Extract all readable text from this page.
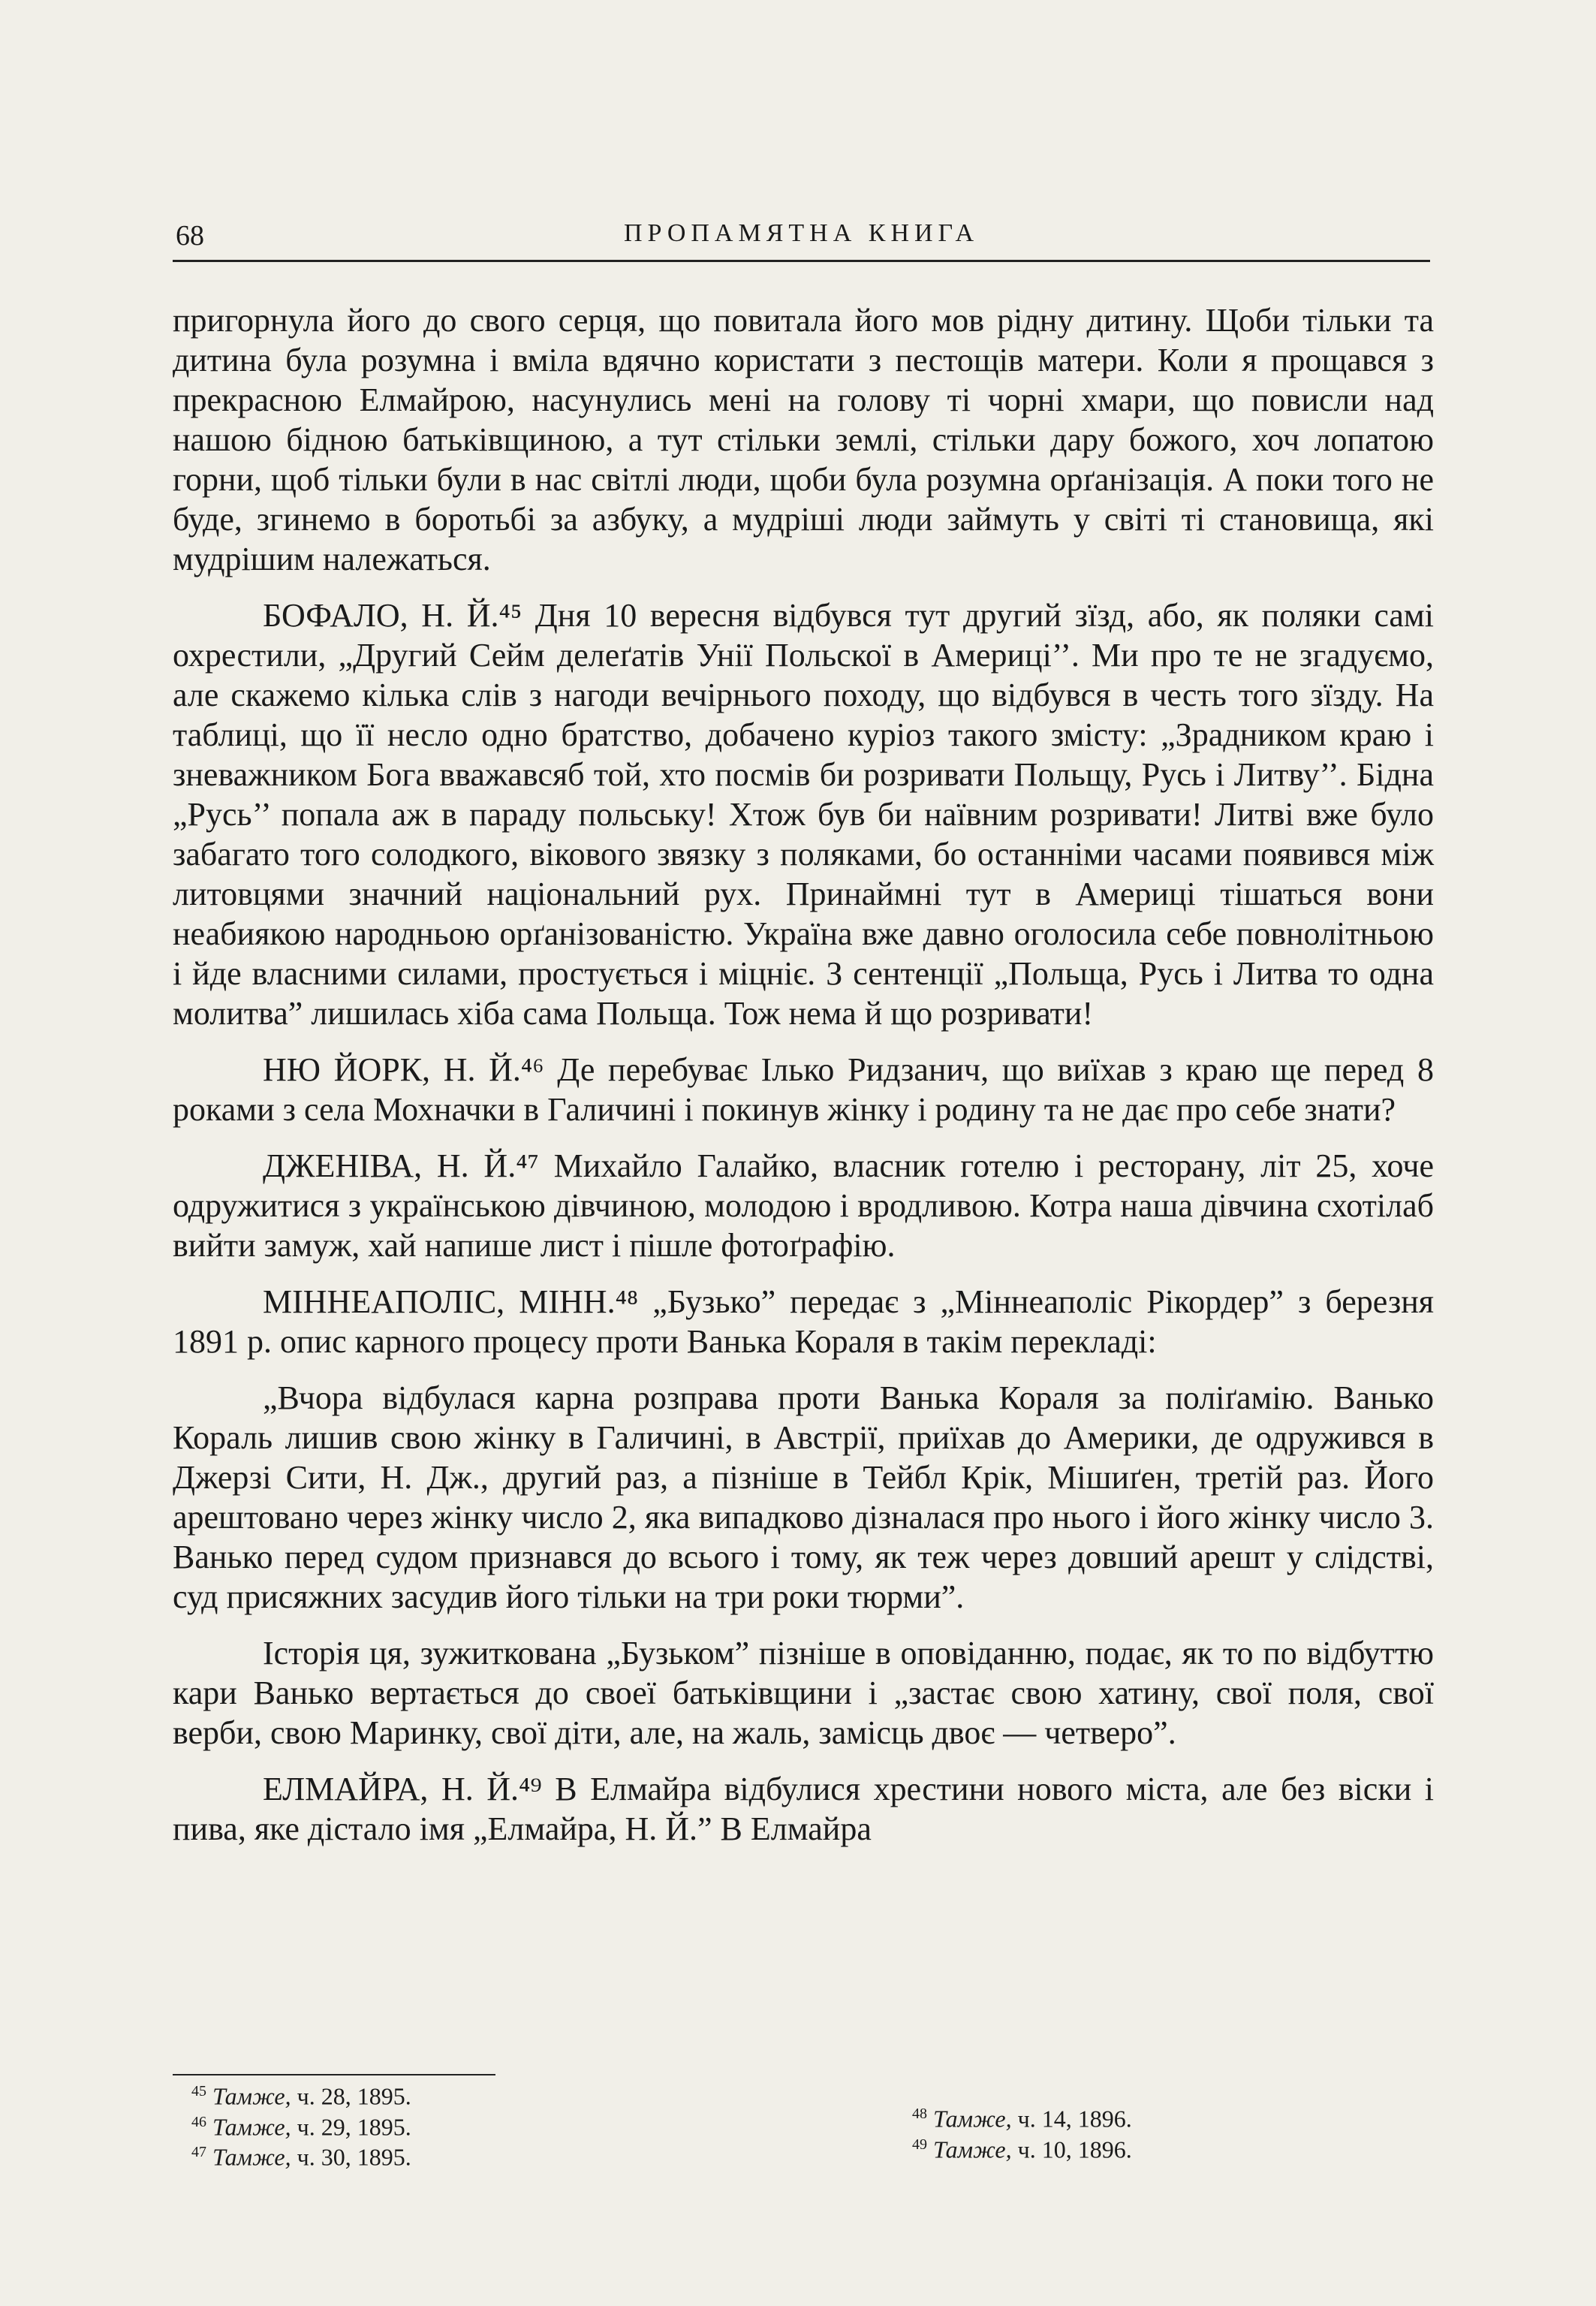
68	ПРОПАМЯТНА КНИГА

пригорнула його до свого серця, що повитала його мов рідну дитину. Щоби тільки та дитина була розумна і вміла вдячно користати з пестощів матери. Коли я прощався з прекрасною Елмайрою, насунулись мені на голову ті чорні хмари, що повисли над нашою бідною батьківщиною, а тут стільки землі, стільки дару божого, хоч лопатою горни, щоб тільки були в нас світлі люди, щоби була розумна орґанізація. А поки того не буде, згинемо в боротьбі за азбуку, а мудріші люди займуть у світі ті становища, які мудрішим належаться.

БОФАЛО, Н. Й.⁴⁵ Дня 10 вересня відбувся тут другий зїзд, або, як поляки самі охрестили, „Другий Сейм делеґатів Унії Польскої в Америці’’. Ми про те не згадуємо, але скажемо кілька слів з нагоди вечірнього походу, що відбувся в честь того зїзду. На таблиці, що її несло одно братство, добачено куріоз такого змісту: „Зрадником краю і зневажником Бога вважавсяб той, хто посмів би розривати Польщу, Русь і Литву’’. Бідна „Русь’’ попала аж в параду польську! Хтож був би наївним розривати! Литві вже було забагато того солодкого, вікового звязку з поляками, бо останніми часами появився між литовцями значний національний рух. Принаймні тут в Америці тішаться вони неабиякою народньою орґанізованістю. Україна вже давно оголосила себе повнолітньою і йде власними силами, простується і міцніє. З сентенції „Польща, Русь і Литва то одна молитва” лишилась хіба сама Польща. Тож нема й що розривати!

НЮ ЙОРК, Н. Й.⁴⁶ Де перебуває Ілько Ридзанич, що виїхав з краю ще перед 8 роками з села Мохначки в Галичині і покинув жінку і родину та не дає про себе знати?

ДЖЕНІВА, Н. Й.⁴⁷ Михайло Галайко, власник готелю і ресторану, літ 25, хоче одружитися з українською дівчиною, молодою і вродливою. Котра наша дівчина схотілаб вийти замуж, хай напише лист і пішле фотоґрафію.

МІННЕАПОЛІС, МІНН.⁴⁸ „Бузько” передає з „Міннеаполіс Рікордер” з березня 1891 р. опис карного процесу проти Ванька Кораля в такім перекладі:

„Вчора відбулася карна розправа проти Ванька Кораля за поліґамію. Ванько Кораль лишив свою жінку в Галичині, в Австрії, приїхав до Америки, де одружився в Джерзі Сити, Н. Дж., другий раз, а пізніше в Тейбл Крік, Мішиґен, третій раз. Його арештовано через жінку число 2, яка випадково дізналася про нього і його жінку число 3. Ванько перед судом признався до всього і тому, як теж через довший арешт у слідстві, суд присяжних засудив його тільки на три роки тюрми”.

Історія ця, зужиткована „Бузьком” пізніше в оповіданню, подає, як то по відбуттю кари Ванько вертається до своеї батьківщини і „застає свою хатину, свої поля, свої верби, свою Маринку, свої діти, але, на жаль, замісць двоє — четверо”.

ЕЛМАЙРА, Н. Й.⁴⁹ В Елмайра відбулися хрестини нового міста, але без віски і пива, яке дістало імя „Елмайра, Н. Й.” В Елмайра

$^{45}$ Тамже, ч. 28, 1895.
$^{46}$ Тамже, ч. 29, 1895.
$^{47}$ Тамже, ч. 30, 1895.
$^{48}$ Тамже, ч. 14, 1896.
$^{49}$ Тамже, ч. 10, 1896.
